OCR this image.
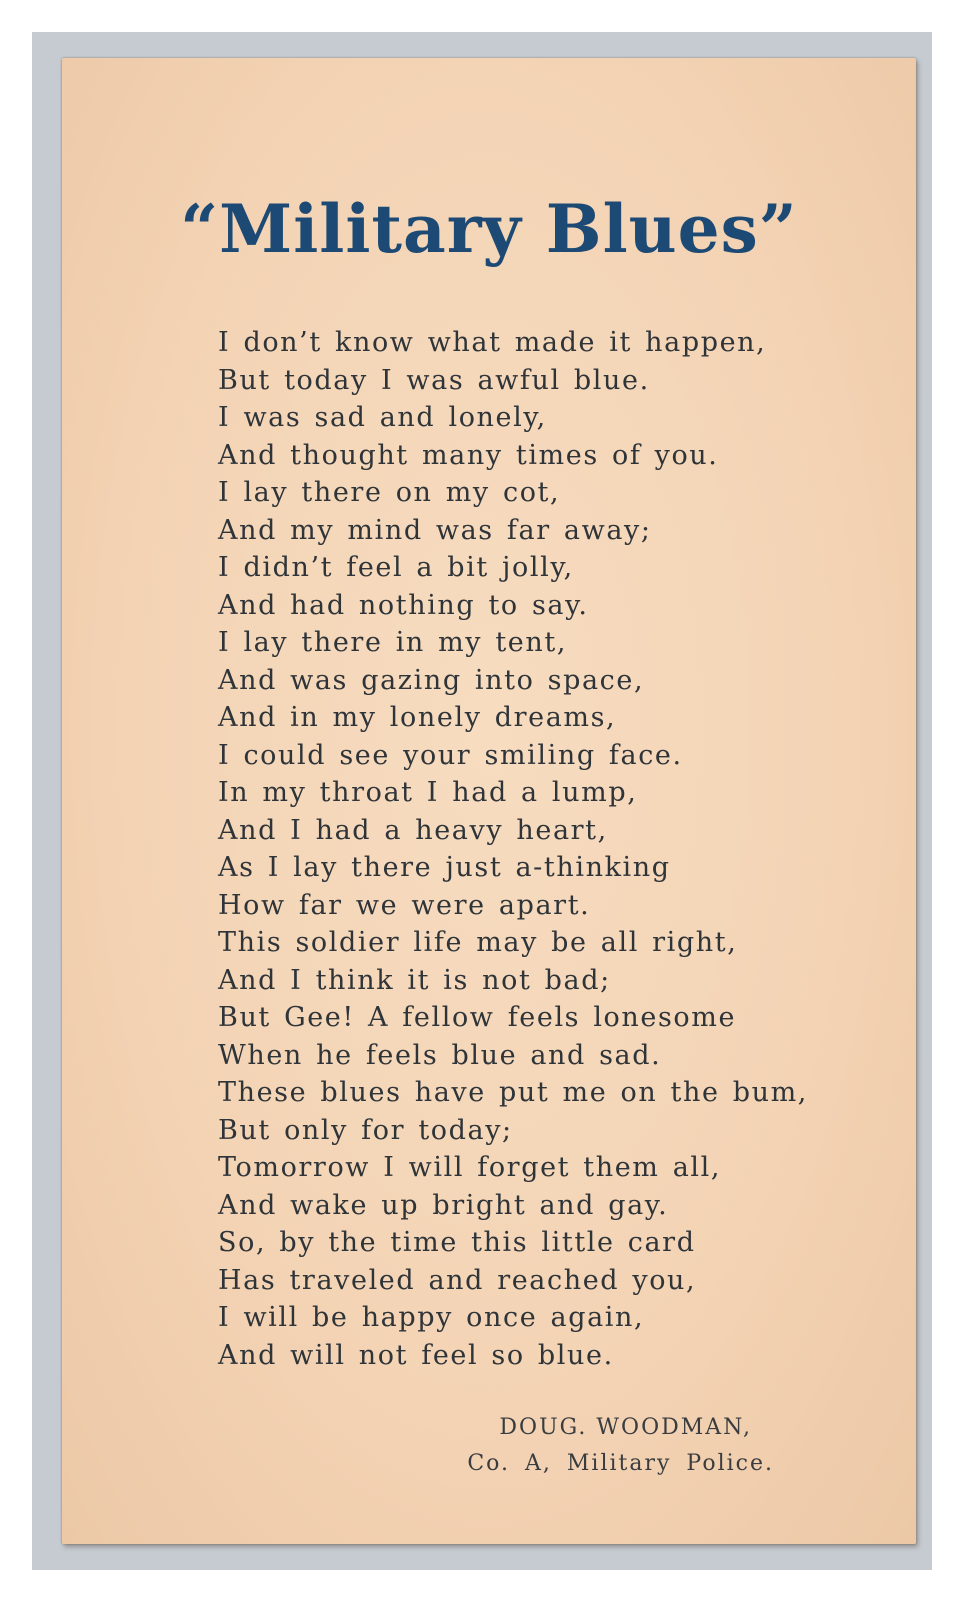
“Military Blues”
I don’t know what made it happen,
But today I was awful blue.
I was sad and lonely,
And thought many times of you.
I lay there on my cot,
And my mind was far away;
I didn’t feel a bit jolly,
And had nothing to say.
I lay there in my tent,
And was gazing into space,
And in my lonely dreams,
I could see your smiling face.
In my throat I had a lump,
And I had a heavy heart,
As I lay there just a-thinking
How far we were apart.
This soldier life may be all right,
And I think it is not bad;
But Gee! A fellow feels lonesome
When he feels blue and sad.
These blues have put me on the bum,
But only for today;
Tomorrow I will forget them all,
And wake up bright and gay.
So, by the time this little card
Has traveled and reached you,
I will be happy once again,
And will not feel so blue.
DOUG. WOODMAN,
Co. A, Military Police.
